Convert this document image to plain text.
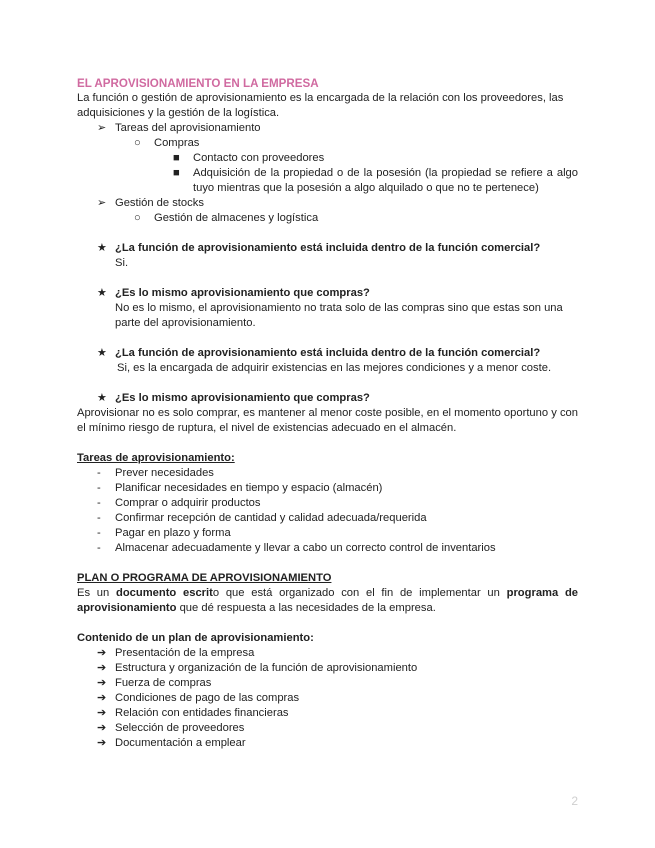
EL APROVISIONAMIENTO EN LA EMPRESA

La función o gestión de aprovisionamiento es la encargada de la relación con los proveedores, las adquisiciones y la gestión de la logística.

➢ Tareas del aprovisionamiento
○	Compras
■	Contacto con proveedores
■	Adquisición de la propiedad o de la posesión (la propiedad se refiere a algo tuyo mientras que la posesión a algo alquilado o que no te pertenece)
➢ Gestión de stocks
○	Gestión de almacenes y logística
★ ¿La función de aprovisionamiento está incluida dentro de la función comercial?

Si.

★ ¿Es lo mismo aprovisionamiento que compras?

No es lo mismo, el aprovisionamiento no trata solo de las compras sino que estas son una parte del aprovisionamiento.

★ ¿La función de aprovisionamiento está incluida dentro de la función comercial?

Si, es la encargada de adquirir existencias en las mejores condiciones y a menor coste.

★ ¿Es lo mismo aprovisionamiento que compras?

Aprovisionar no es solo comprar, es mantener al menor coste posible, en el momento oportuno y con el mínimo riesgo de ruptura, el nivel de existencias adecuado en el almacén.

Tareas de aprovisionamiento:

-	Prever necesidades
-	Planificar necesidades en tiempo y espacio (almacén)
-	Comprar o adquirir productos
-	Confirmar recepción de cantidad y calidad adecuada/requerida
-	Pagar en plazo y forma
-	Almacenar adecuadamente y llevar a cabo un correcto control de inventarios

PLAN O PROGRAMA DE APROVISIONAMIENTO

Es un documento escrito que está organizado con el fin de implementar un programa de aprovisionamiento que dé respuesta a las necesidades de la empresa.

Contenido de un plan de aprovisionamiento:

➔ Presentación de la empresa
➔ Estructura y organización de la función de aprovisionamiento
➔ Fuerza de compras
➔ Condiciones de pago de las compras
➔ Relación con entidades financieras
➔ Selección de proveedores
➔ Documentación a emplear
2
